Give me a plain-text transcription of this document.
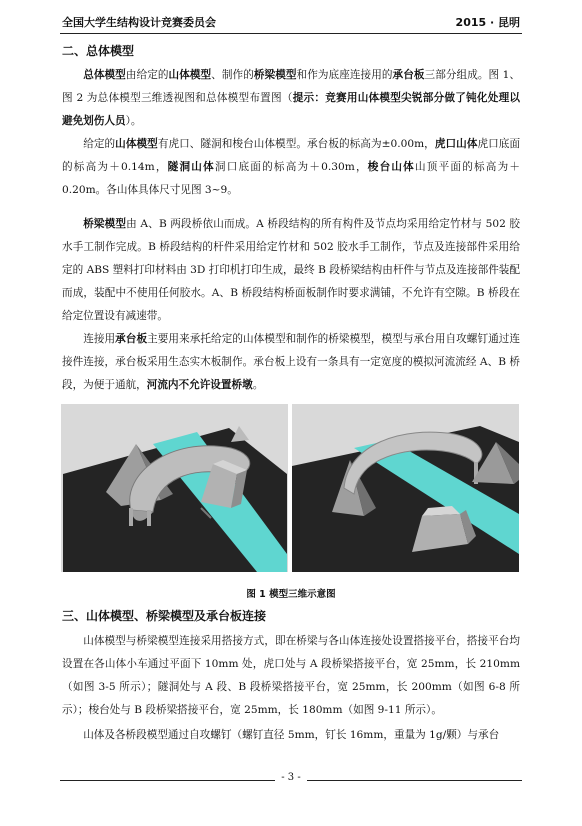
全国大学生结构设计竞赛委员会	2015 · 昆明
二、总体模型

总体模型由给定的山体模型、制作的桥梁模型和作为底座连接用的承台板三部分组成。图 1、图 2 为总体模型三维透视图和总体模型布置图（提示：竞赛用山体模型尖锐部分做了钝化处理以避免划伤人员）。

给定的山体模型有虎口、隧洞和梭台山体模型。承台板的标高为±0.00m，虎口山体虎口底面的标高为＋0.14m，隧洞山体洞口底面的标高为＋0.30m，梭台山体山顶平面的标高为＋0.20m。各山体具体尺寸见图 3~9。

桥梁模型由 A、B 两段桥依山而成。A 桥段结构的所有构件及节点均采用给定竹材与 502 胶水手工制作完成。B 桥段结构的杆件采用给定竹材和 502 胶水手工制作，节点及连接部件采用给定的 ABS 塑料打印材料由 3D 打印机打印生成，最终 B 段桥梁结构由杆件与节点及连接部件装配而成，装配中不使用任何胶水。A、B 桥段结构桥面板制作时要求满铺，不允许有空隙。B 桥段在给定位置设有减速带。

连接用承台板主要用来承托给定的山体模型和制作的桥梁模型，模型与承台用自攻螺钉通过连接件连接，承台板采用生态实木板制作。承台板上设有一条具有一定宽度的模拟河流流经 A、B 桥段，为便于通航，河流内不允许设置桥墩。

图 1 模型三维示意图
三、山体模型、桥梁模型及承台板连接

山体模型与桥梁模型连接采用搭接方式，即在桥梁与各山体连接处设置搭接平台，搭接平台均设置在各山体小车通过平面下 10mm 处，虎口处与 A 段桥梁搭接平台，宽 25mm，长 210mm（如图 3-5 所示）；隧洞处与 A 段、B 段桥梁搭接平台，宽 25mm，长 200mm（如图 6-8 所示）；梭台处与 B 段桥梁搭接平台，宽 25mm，长 180mm（如图 9-11 所示）。

山体及各桥段模型通过自攻螺钉（螺钉直径 5mm，钉长 16mm，重量为 1g/颗）与承台

- 3 -
